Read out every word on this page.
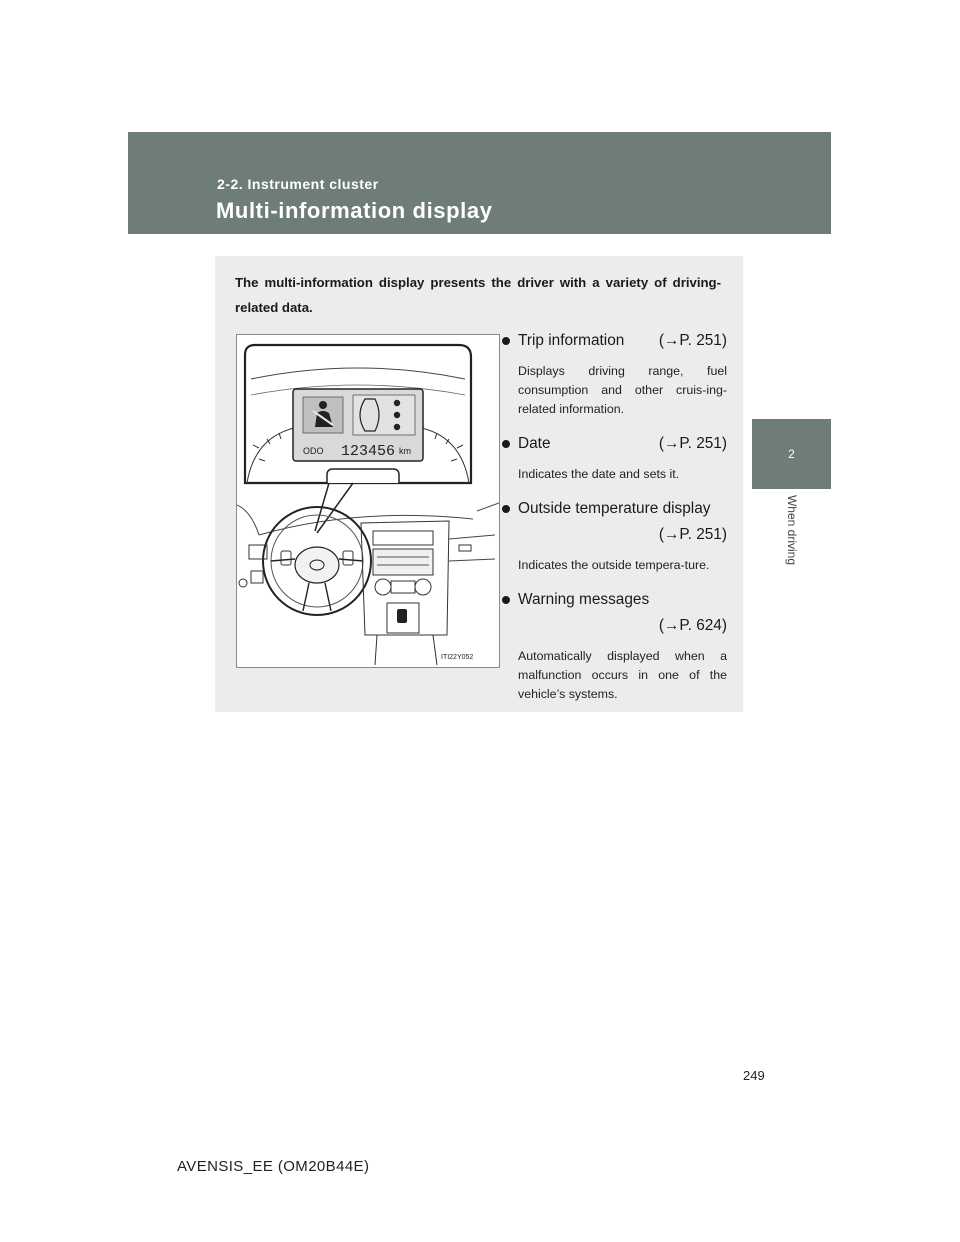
2-2. Instrument cluster

Multi-information display
2
When driving

The multi-information display presents the driver with a variety of driving-related data.

ODO 123456 km
ITI22Y052
Trip information (→P. 251)

Displays driving range, fuel consumption and other cruis-ing-related information.

Date	(→P. 251)

Indicates the date and sets it.

Outside temperature display
(→P. 251)

Indicates the outside tempera-ture.

Warning messages
(→P. 624)

Automatically displayed when a malfunction occurs in one of the vehicle’s systems.

249
AVENSIS_EE (OM20B44E)
